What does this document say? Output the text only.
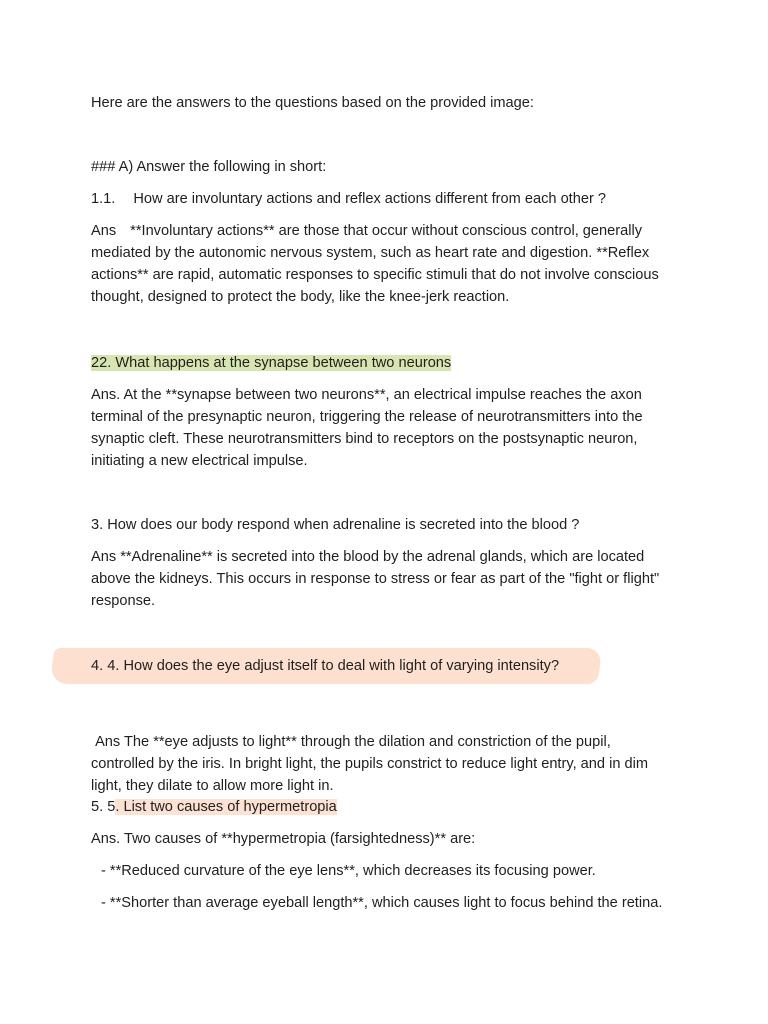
Here are the answers to the questions based on the provided image:
### A) Answer the following in short:
1.1. How are involuntary actions and reflex actions different from each other ?

Ans **Involuntary actions** are those that occur without conscious control, generally mediated by the autonomic nervous system, such as heart rate and digestion. **Reflex actions** are rapid, automatic responses to specific stimuli that do not involve conscious thought, designed to protect the body, like the knee-jerk reaction.

22. What happens at the synapse between two neurons

Ans. At the **synapse between two neurons**, an electrical impulse reaches the axon terminal of the presynaptic neuron, triggering the release of neurotransmitters into the synaptic cleft. These neurotransmitters bind to receptors on the postsynaptic neuron, initiating a new electrical impulse.

3. How does our body respond when adrenaline is secreted into the blood ?

Ans **Adrenaline** is secreted into the blood by the adrenal glands, which are located above the kidneys. This occurs in response to stress or fear as part of the "fight or flight" response.

4. 4. How does the eye adjust itself to deal with light of varying intensity?

Ans The **eye adjusts to light** through the dilation and constriction of the pupil, controlled by the iris. In bright light, the pupils constrict to reduce light entry, and in dim light, they dilate to allow more light in.

5. 5. List two causes of hypermetropia
Ans. Two causes of **hypermetropia (farsightedness)** are:
- **Reduced curvature of the eye lens**, which decreases its focusing power.
- **Shorter than average eyeball length**, which causes light to focus behind the retina.
